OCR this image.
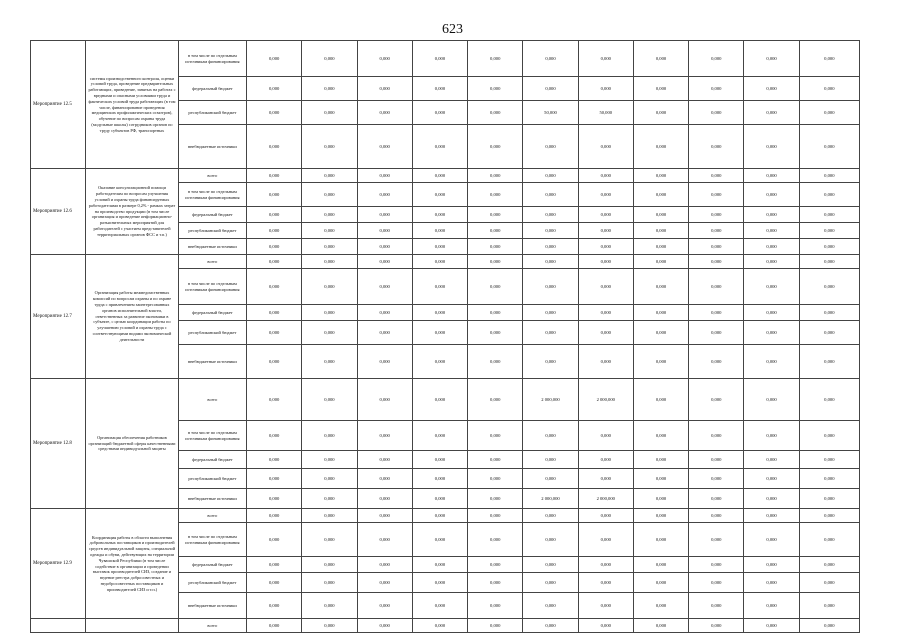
623
Мероприятие 12.5	системы производственного контроля, оценки условий труда, проведение предварительных работающих, приведение, занятых на работах с вредными и опасными условиями труда и фактических условий труда работающих (в том числе, финансирование проведения медицинских профилактических осмотров), обучение по вопросам охраны труда (модульные школы) сотрудников органов по труду субъектов РФ, транспортных	в том числе по отдельным источникам финансирования	0,000	0,000	0,000	0,000	0,000	0,000	0,000	0,000	0,000	0,000	0,000
		федеральный бюджет	0,000	0,000	0,000	0,000	0,000	0,000	0,000	0,000	0,000	0,000	0,000
		республиканский бюджет	0,000	0,000	0,000	0,000	0,000	50,000	50,000	0,000	0,000	0,000	0,000
		внебюджетные источники	0,000	0,000	0,000	0,000	0,000	0,000	0,000	0,000	0,000	0,000	0,000
Мероприятие 12.6	Оказание консультационной помощи работодателям по вопросам улучшения условий и охраны труда финансируемых работодателями в размере 0,2% - рамках затрат на производство продукции (в том числе организация и проведение информационно-разъяснительных мероприятий для работодателей с участием представителей территориальных органов ФСС и т.п.)	всего	0,000	0,000	0,000	0,000	0,000	0,000	0,000	0,000	0,000	0,000	0,000
		в том числе по отдельным источникам финансирования	0,000	0,000	0,000	0,000	0,000	0,000	0,000	0,000	0,000	0,000	0,000
		федеральный бюджет	0,000	0,000	0,000	0,000	0,000	0,000	0,000	0,000	0,000	0,000	0,000
		республиканский бюджет	0,000	0,000	0,000	0,000	0,000	0,000	0,000	0,000	0,000	0,000	0,000
		внебюджетные источники	0,000	0,000	0,000	0,000	0,000	0,000	0,000	0,000	0,000	0,000	0,000
Мероприятие 12.7	Организация работы межведомственных комиссий по вопросам охраны и по охране труда с привлечением заинтересованных органов исполнительной власти, ответственных за развитие экономики в субъекте, с целью координации работы по улучшению условий и охраны труда с соответствующими видами экономической деятельности	всего	0,000	0,000	0,000	0,000	0,000	0,000	0,000	0,000	0,000	0,000	0,000
		в том числе по отдельным источникам финансирования	0,000	0,000	0,000	0,000	0,000	0,000	0,000	0,000	0,000	0,000	0,000
		федеральный бюджет	0,000	0,000	0,000	0,000	0,000	0,000	0,000	0,000	0,000	0,000	0,000
		республиканский бюджет	0,000	0,000	0,000	0,000	0,000	0,000	0,000	0,000	0,000	0,000	0,000
		внебюджетные источники	0,000	0,000	0,000	0,000	0,000	0,000	0,000	0,000	0,000	0,000	0,000
Мероприятие 12.8	Организация обеспечения работников организаций бюджетной сферы качественными средствами индивидуальной защиты	всего	0,000	0,000	0,000	0,000	0,000	2 000,000	2 000,000	0,000	0,000	0,000	0,000
		в том числе по отдельным источникам финансирования	0,000	0,000	0,000	0,000	0,000	0,000	0,000	0,000	0,000	0,000	0,000
		федеральный бюджет	0,000	0,000	0,000	0,000	0,000	0,000	0,000	0,000	0,000	0,000	0,000
		республиканский бюджет	0,000	0,000	0,000	0,000	0,000	0,000	0,000	0,000	0,000	0,000	0,000
		внебюджетные источники	0,000	0,000	0,000	0,000	0,000	2 000,000	2 000,000	0,000	0,000	0,000	0,000
Мероприятие 12.9	Координация работы в области выполнения добровольных поставщиков и производителей средств индивидуальной защиты, специальной одежды и обуви, действующих на территории Чувашской Республики (в том числе содействие в организации и проведении выставок производителей СИЗ, создание и ведение реестра добросовестных и недобросовестных поставщиков и производителей СИЗ и т.п.)	всего	0,000	0,000	0,000	0,000	0,000	0,000	0,000	0,000	0,000	0,000	0,000
		в том числе по отдельным источникам финансирования	0,000	0,000	0,000	0,000	0,000	0,000	0,000	0,000	0,000	0,000	0,000
		федеральный бюджет	0,000	0,000	0,000	0,000	0,000	0,000	0,000	0,000	0,000	0,000	0,000
		республиканский бюджет	0,000	0,000	0,000	0,000	0,000	0,000	0,000	0,000	0,000	0,000	0,000
		внебюджетные источники	0,000	0,000	0,000	0,000	0,000	0,000	0,000	0,000	0,000	0,000	0,000
		всего	0,000	0,000	0,000	0,000	0,000	0,000	0,000	0,000	0,000	0,000	0,000
